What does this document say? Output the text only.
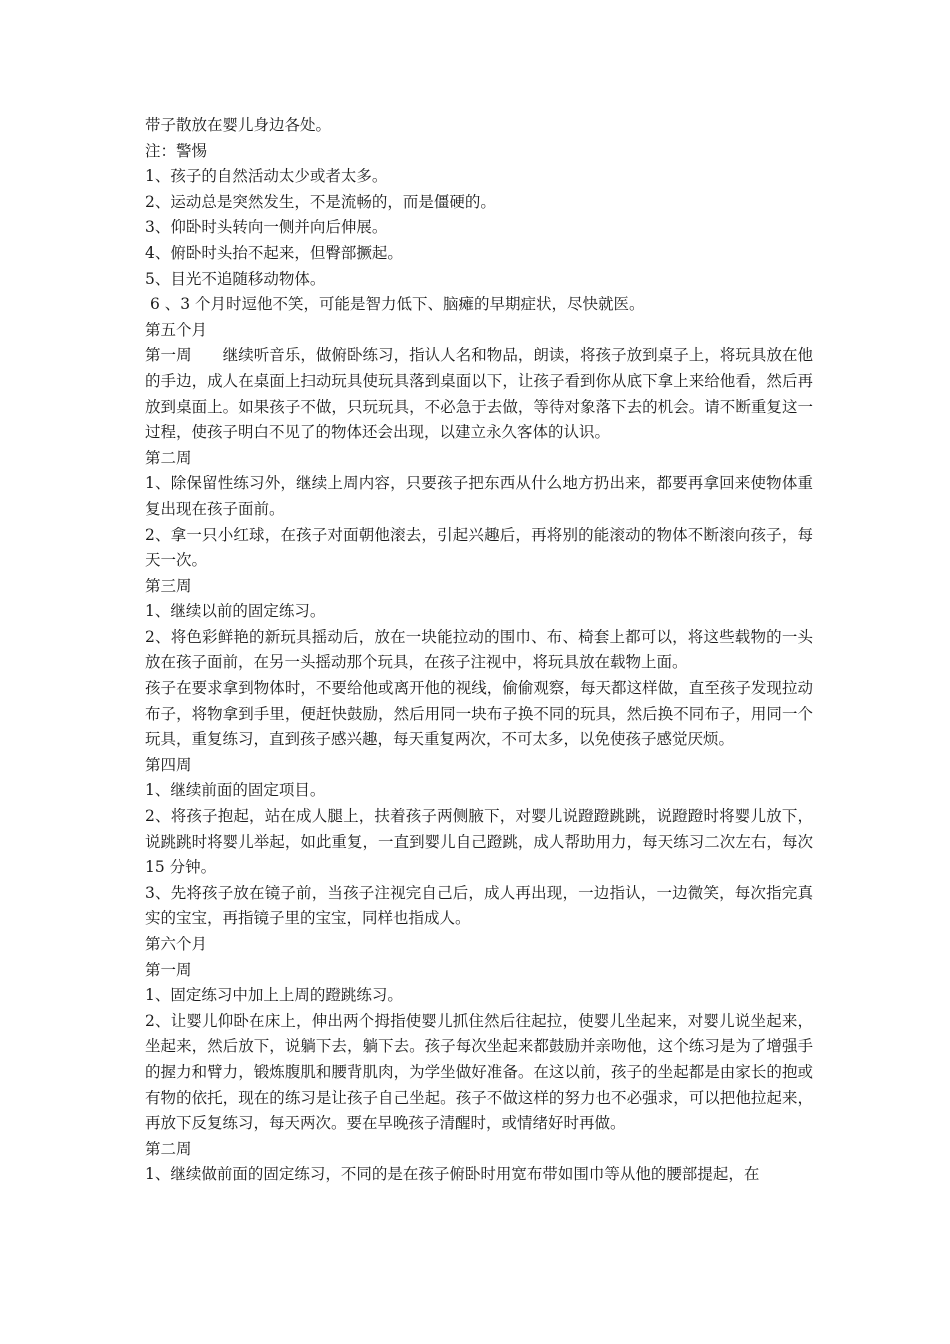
带子散放在婴儿身边各处。
注：警惕
1、孩子的自然活动太少或者太多。
2、运动总是突然发生，不是流畅的，而是僵硬的。
3、仰卧时头转向一侧并向后伸展。
4、俯卧时头抬不起来，但臀部撅起。
5、目光不追随移动物体。
6 、3 个月时逗他不笑，可能是智力低下、脑瘫的早期症状，尽快就医。
第五个月
第一周　　继续听音乐，做俯卧练习，指认人名和物品，朗读，将孩子放到桌子上，将玩具放在他的手边，成人在桌面上扫动玩具使玩具落到桌面以下，让孩子看到你从底下拿上来给他看，然后再放到桌面上。如果孩子不做，只玩玩具，不必急于去做，等待对象落下去的机会。请不断重复这一过程，使孩子明白不见了的物体还会出现，以建立永久客体的认识。
第二周
1、除保留性练习外，继续上周内容，只要孩子把东西从什么地方扔出来，都要再拿回来使物体重复出现在孩子面前。
2、拿一只小红球，在孩子对面朝他滚去，引起兴趣后，再将别的能滚动的物体不断滚向孩子，每天一次。
第三周
1、继续以前的固定练习。
2、将色彩鲜艳的新玩具摇动后，放在一块能拉动的围巾、布、椅套上都可以，将这些载物的一头放在孩子面前，在另一头摇动那个玩具，在孩子注视中，将玩具放在载物上面。
孩子在要求拿到物体时，不要给他或离开他的视线，偷偷观察，每天都这样做，直至孩子发现拉动布子，将物拿到手里，便赶快鼓励，然后用同一块布子换不同的玩具，然后换不同布子，用同一个玩具，重复练习，直到孩子感兴趣，每天重复两次，不可太多，以免使孩子感觉厌烦。
第四周
1、继续前面的固定项目。
2、将孩子抱起，站在成人腿上，扶着孩子两侧腋下，对婴儿说蹬蹬跳跳，说蹬蹬时将婴儿放下，说跳跳时将婴儿举起，如此重复，一直到婴儿自己蹬跳，成人帮助用力，每天练习二次左右，每次 15 分钟。
3、先将孩子放在镜子前，当孩子注视完自己后，成人再出现，一边指认，一边微笑，每次指完真实的宝宝，再指镜子里的宝宝，同样也指成人。
第六个月
第一周
1、固定练习中加上上周的蹬跳练习。
2、让婴儿仰卧在床上，伸出两个拇指使婴儿抓住然后往起拉，使婴儿坐起来，对婴儿说坐起来，坐起来，然后放下，说躺下去，躺下去。孩子每次坐起来都鼓励并亲吻他，这个练习是为了增强手的握力和臂力，锻炼腹肌和腰背肌肉，为学坐做好准备。在这以前，孩子的坐起都是由家长的抱或有物的依托，现在的练习是让孩子自己坐起。孩子不做这样的努力也不必强求，可以把他拉起来，再放下反复练习，每天两次。要在早晚孩子清醒时，或情绪好时再做。
第二周
1、继续做前面的固定练习，不同的是在孩子俯卧时用宽布带如围巾等从他的腰部提起，在
